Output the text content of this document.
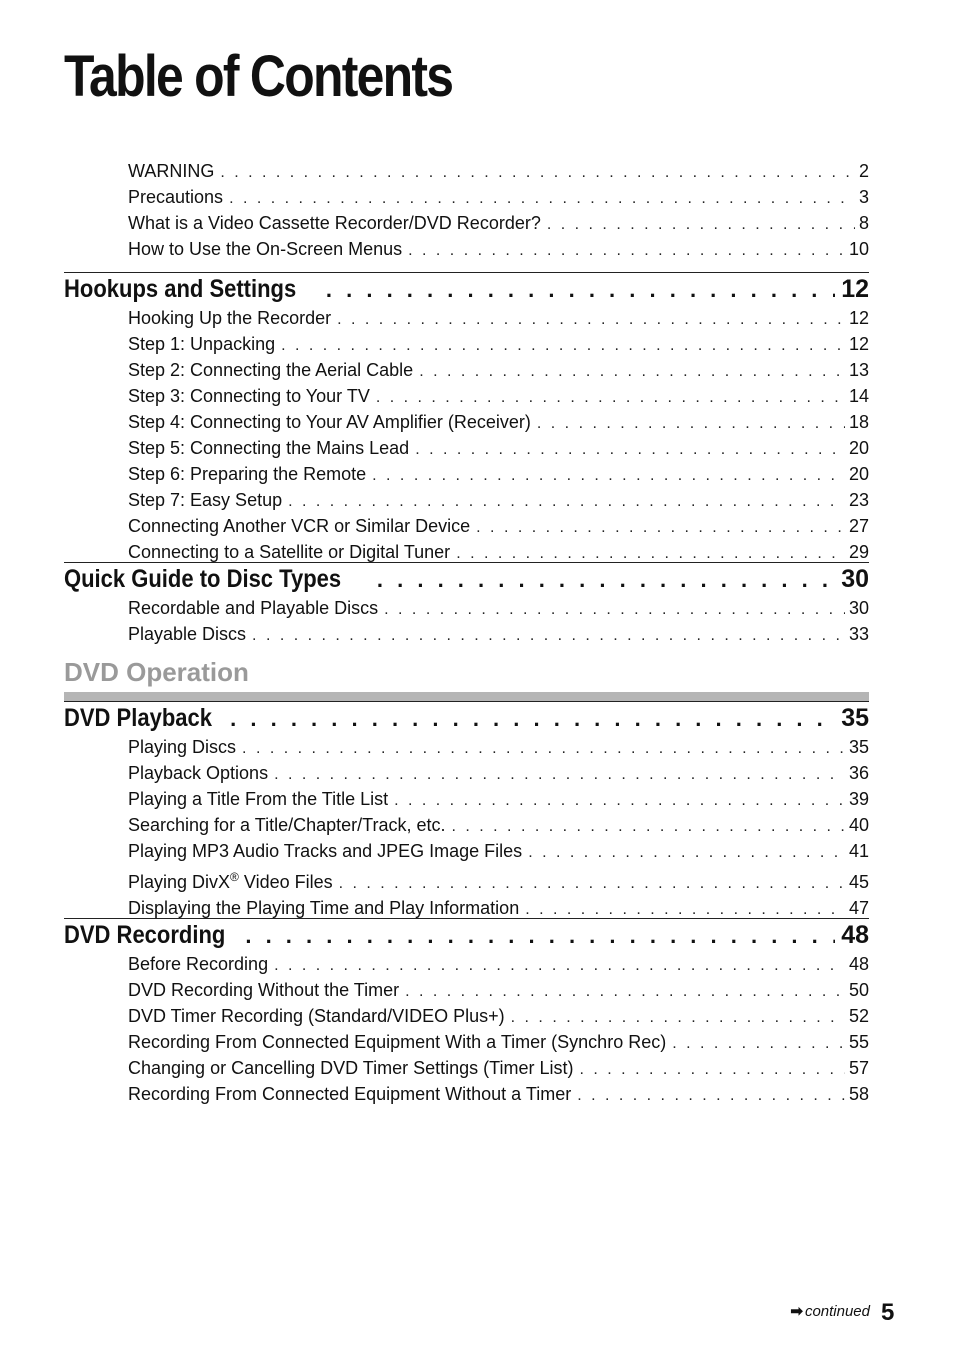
Table of Contents
WARNING . . .	2
Precautions . . .	3
What is a Video Cassette Recorder/DVD Recorder? . . .	8
How to Use the On-Screen Menus . . .	10
Hookups and Settings . . .	12
Hooking Up the Recorder . . .	12
Step 1: Unpacking . . .	12
Step 2: Connecting the Aerial Cable . . .	13
Step 3: Connecting to Your TV . . .	14
Step 4: Connecting to Your AV Amplifier (Receiver) . . .	18
Step 5: Connecting the Mains Lead . . .	20
Step 6: Preparing the Remote . . .	20
Step 7: Easy Setup . . .	23
Connecting Another VCR or Similar Device . . .	27
Connecting to a Satellite or Digital Tuner . . .	29
Quick Guide to Disc Types . . .	30
Recordable and Playable Discs . . .	30
Playable Discs . . .	33
DVD Operation
DVD Playback . . .	35
Playing Discs . . .	35
Playback Options . . .	36
Playing a Title From the Title List . . .	39
Searching for a Title/Chapter/Track, etc. . . .	40
Playing MP3 Audio Tracks and JPEG Image Files . . .	41
Playing DivX® Video Files . . .	45
Displaying the Playing Time and Play Information . . .	47
DVD Recording . . .	48
Before Recording . . .	48
DVD Recording Without the Timer . . .	50
DVD Timer Recording (Standard/VIDEO Plus+) . . .	52
Recording From Connected Equipment With a Timer (Synchro Rec) . . .	55
Changing or Cancelling DVD Timer Settings (Timer List) . . .	57
Recording From Connected Equipment Without a Timer . . .	58
➡ continued 5
